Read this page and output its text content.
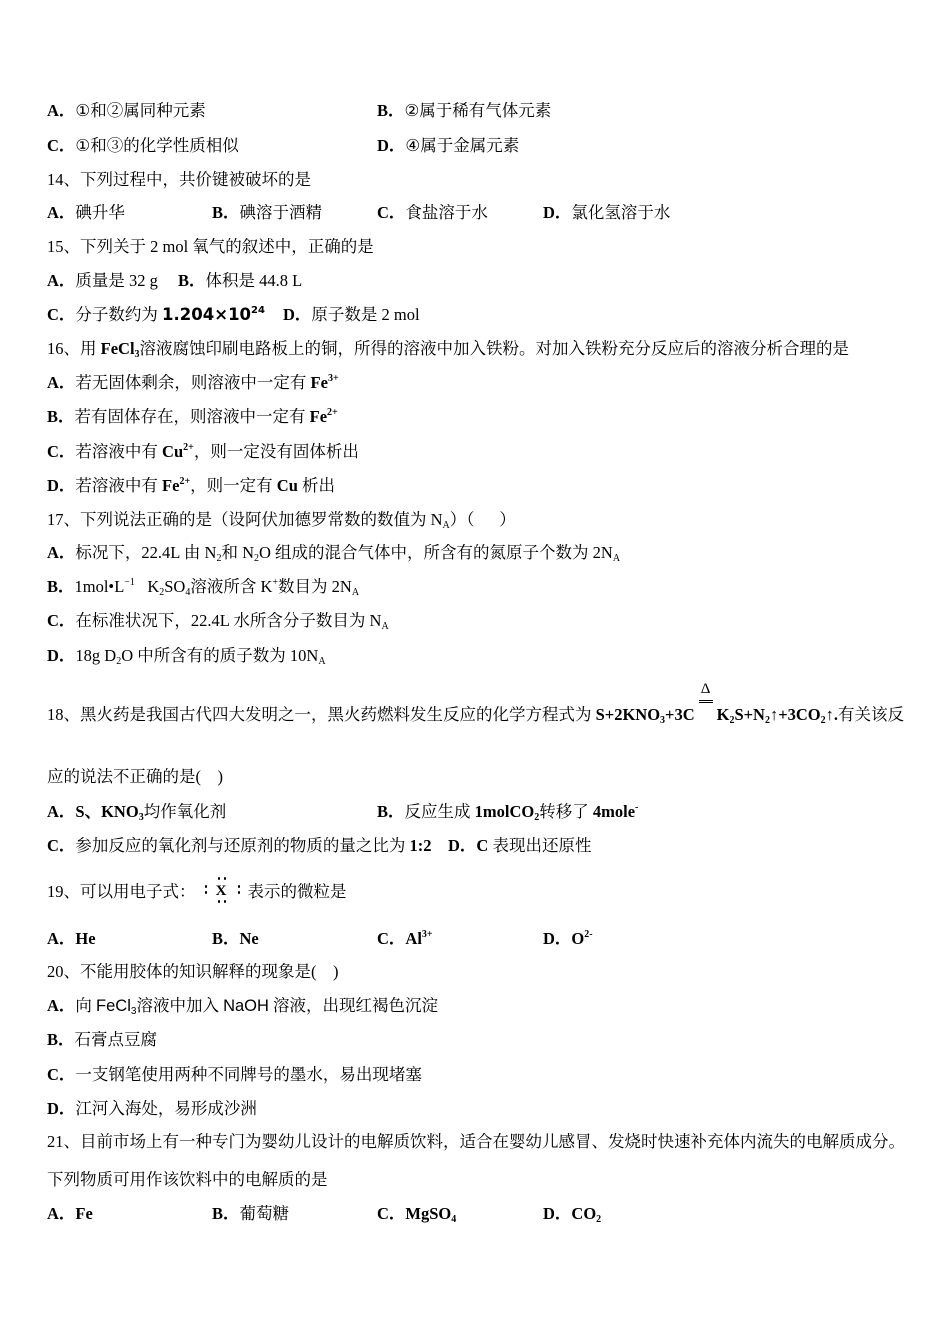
A．①和②属同种元素	B．②属于稀有气体元素
C．①和③的化学性质相似	D．④属于金属元素
14、下列过程中，共价键被破坏的是
A．碘升华	B．碘溶于酒精	C．食盐溶于水	D．氯化氢溶于水
15、下列关于 2 mol 氧气的叙述中，正确的是
A．质量是 32 g B．体积是 44.8 L
C．分子数约为 $1.204\times 10^{24}$ D．原子数是 2 mol
16、用 FeCl$_3$溶液腐蚀印刷电路板上的铜，所得的溶液中加入铁粉。对加入铁粉充分反应后的溶液分析合理的是
A．若无固体剩余，则溶液中一定有 $Fe^{3+}$
B．若有固体存在，则溶液中一定有 $Fe^{2+}$
C．若溶液中有 $Cu^{2+}$，则一定没有固体析出
D．若溶液中有 $Fe^{2+}$，则一定有 Cu 析出
17、下列说法正确的是（设阿伏加德罗常数的数值为 $N_A$）（      ）
A．标况下，22.4L 由 $N_2$和 $N_2O$ 组成的混合气体中，所含有的氮原子个数为 $2N_A$
B．$1mol•L^{-1}$   $K_2SO_4$溶液所含 K+数目为 $2N_A$
C．在标准状况下，22.4L 水所含分子数目为 $N_A$
D．18g $D_2O$ 中所含有的质子数为 $10N_A$
18、黑火药是我国古代四大发明之一，黑火药燃料发生反应的化学方程式为 $S+2KNO_3+3C$
Δ
$K_2S+N_2↑+3CO_2↑$.有关该反
应的说法不正确的是(    )
A．S、$KNO_3$均作氧化剂	B．反应生成 1molCO$_2$转移了 4mole-
C．参加反应的氧化剂与还原剂的物质的量之比为 1:2 D．C 表现出还原性
19、可以用电子式： X 表示的微粒是
A．He	B．Ne	C．$Al^{3+}$	D．$O^{2-}$
20、不能用胶体的知识解释的现象是(    )
A．向 FeCl$_3$溶液中加入 NaOH 溶液，出现红褐色沉淀
B．石膏点豆腐
C．一支钢笔使用两种不同牌号的墨水，易出现堵塞
D．江河入海处，易形成沙洲
21、目前市场上有一种专门为婴幼儿设计的电解质饮料，适合在婴幼儿感冒、发烧时快速补充体内流失的电解质成分。
下列物质可用作该饮料中的电解质的是
A．Fe	B．葡萄糖	C．MgSO$_4$	D．$CO_2$
